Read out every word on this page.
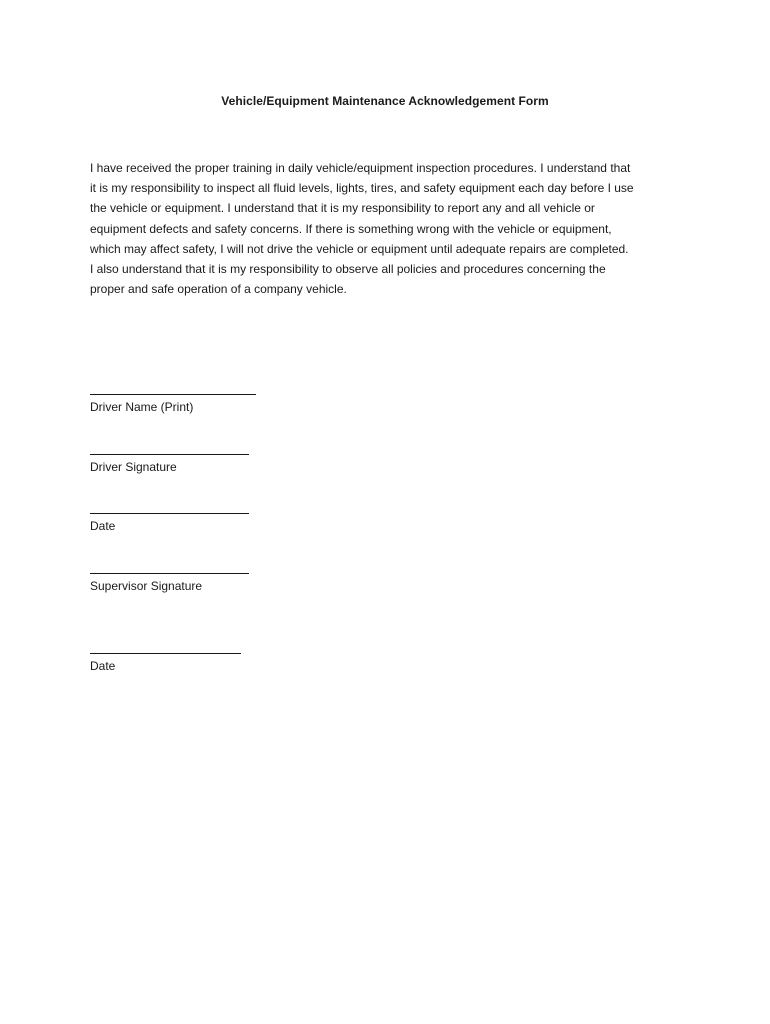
Vehicle/Equipment Maintenance Acknowledgement Form
I have received the proper training in daily vehicle/equipment inspection procedures. I understand that
it is my responsibility to inspect all fluid levels, lights, tires, and safety equipment each day before I use
the vehicle or equipment. I understand that it is my responsibility to report any and all vehicle or
equipment defects and safety concerns. If there is something wrong with the vehicle or equipment,
which may affect safety, I will not drive the vehicle or equipment until adequate repairs are completed.
I also understand that it is my responsibility to observe all policies and procedures concerning the
proper and safe operation of a company vehicle.
Driver Name (Print)
Driver Signature
Date
Supervisor Signature
Date
